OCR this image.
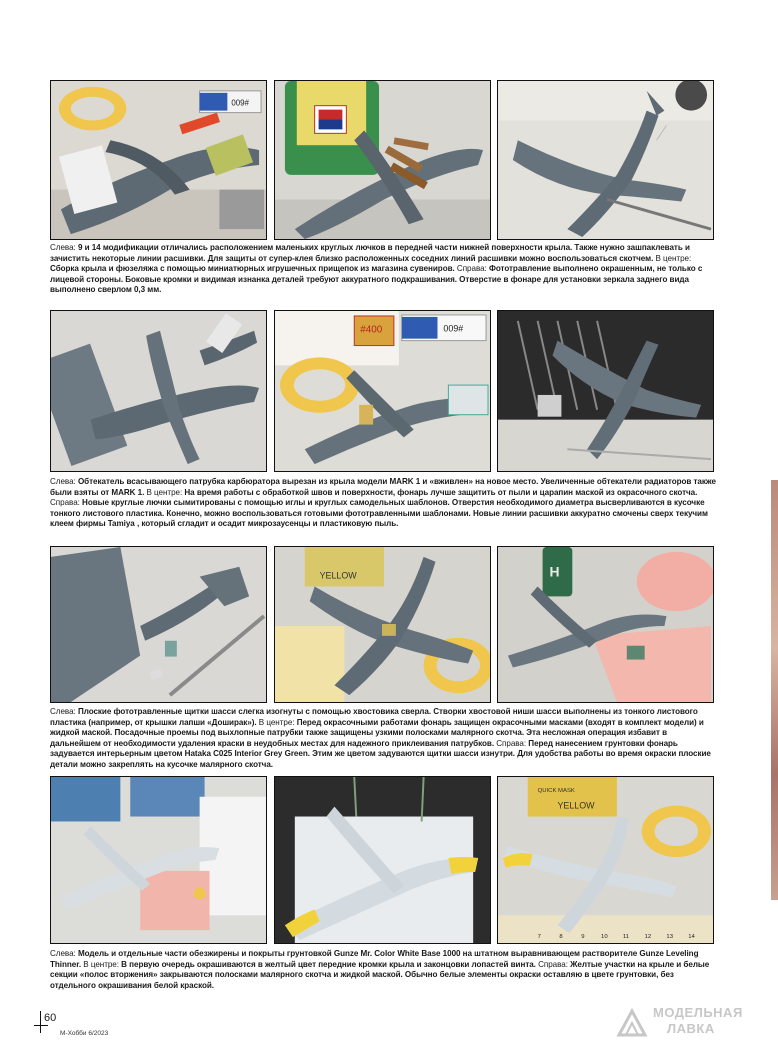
009#
Слева: 9 и 14 модификации отличались расположением маленьких круглых лючков в передней части нижней поверхности крыла. Также нужно зашпаклевать и зачистить некоторые линии расшивки. Для защиты от супер-клея близко расположенных соседних линий расшивки можно воспользоваться скотчем. В центре: Сборка крыла и фюзеляжа с помощью миниатюрных игрушечных прищепок из магазина сувениров. Справа: Фототравление выполнено окрашенным, не только с лицевой стороны. Боковые кромки и видимая изнанка деталей требуют аккуратного подкрашивания. Отверстие в фонаре для установки зеркала заднего вида выполнено сверлом 0,3 мм.
#400	009#
Слева: Обтекатель всасывающего патрубка карбюратора вырезан из крыла модели MARK 1 и «вживлен» на новое место. Увеличенные обтекатели радиаторов также были взяты от MARK 1. В центре: На время работы с обработкой швов и поверхности, фонарь лучше защитить от пыли и царапин маской из окрасочного скотча. Справа: Новые круглые лючки сымитированы с помощью иглы и круглых самодельных шаблонов. Отверстия необходимого диаметра высверливаются в кусочке тонкого листового пластика. Конечно, можно воспользоваться готовыми фототравленными шаблонами. Новые линии расшивки аккуратно смочены сверх текучим клеем фирмы Tamiya , который сгладит и осадит микрозаусенцы и пластиковую пыль.
YELLOW	H
Слева: Плоские фототравленные щитки шасси слегка изогнуты с помощью хвостовика сверла. Створки хвостовой ниши шасси выполнены из тонкого листового пластика (например, от крышки лапши «Доширак»). В центре: Перед окрасочными работами фонарь защищен окрасочными масками (входят в комплект модели) и жидкой маской. Посадочные проемы под выхлопные патрубки также защищены узкими полосками малярного скотча. Эта несложная операция избавит в дальнейшем от необходимости удаления краски в неудобных местах для надежного приклеивания патрубков. Справа: Перед нанесением грунтовки фонарь задувается интерьерным цветом Hataka C025 Interior Grey Green. Этим же цветом задуваются щитки шасси изнутри. Для удобства работы во время окраски плоские детали можно закреплять на кусочке малярного скотча.
QUICK MASK
YELLOW
7	8	9	10	11	12	13	14
Слева: Модель и отдельные части обезжирены и покрыты грунтовкой Gunze Mr. Color White Base 1000 на штатном выравнивающем растворителе Gunze Leveling Thinner. В центре: В первую очередь окрашиваются в желтый цвет передние кромки крыла и законцовки лопастей винта. Справа: Желтые участки на крыле и белые секции «полос вторжения» закрываются полосками малярного скотча и жидкой маской. Обычно белые элементы окраски оставляю в цвете грунтовки, без отдельного окрашивания белой краской.
60
М-Хобби 6/2023
МОДЕЛЬНАЯ
ЛАВКА
